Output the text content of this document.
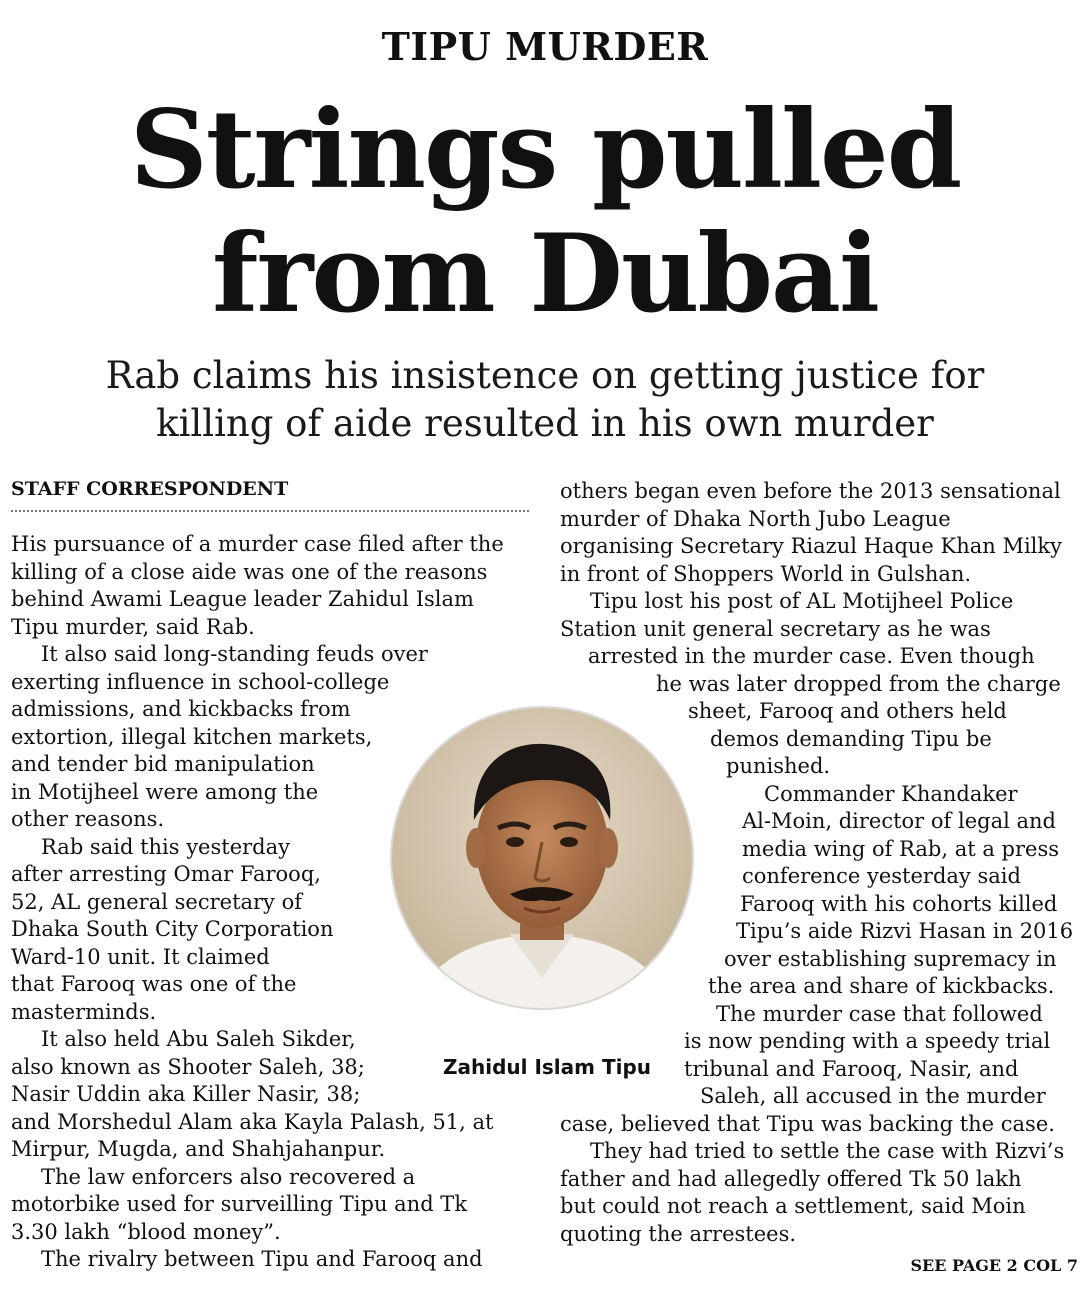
TIPU MURDER
Strings pulled
from Dubai
Rab claims his insistence on getting justice for
killing of aide resulted in his own murder
STAFF CORRESPONDENT
His pursuance of a murder case filed after the
killing of a close aide was one of the reasons
behind Awami League leader Zahidul Islam
Tipu murder, said Rab.
It also said long-standing feuds over
exerting influence in school-college
admissions, and kickbacks from
extortion, illegal kitchen markets,
and tender bid manipulation
in Motijheel were among the
other reasons.
Rab said this yesterday
after arresting Omar Farooq,
52, AL general secretary of
Dhaka South City Corporation
Ward-10 unit. It claimed
that Farooq was one of the
masterminds.
It also held Abu Saleh Sikder,
also known as Shooter Saleh, 38;
Nasir Uddin aka Killer Nasir, 38;
and Morshedul Alam aka Kayla Palash, 51, at
Mirpur, Mugda, and Shahjahanpur.
The law enforcers also recovered a
motorbike used for surveilling Tipu and Tk
3.30 lakh “blood money”.
The rivalry between Tipu and Farooq and
others began even before the 2013 sensational
murder of Dhaka North Jubo League
organising Secretary Riazul Haque Khan Milky
in front of Shoppers World in Gulshan.
Tipu lost his post of AL Motijheel Police
Station unit general secretary as he was
arrested in the murder case. Even though
he was later dropped from the charge
sheet, Farooq and others held
demos demanding Tipu be
punished.
Commander Khandaker
Al-Moin, director of legal and
media wing of Rab, at a press
conference yesterday said
Farooq with his cohorts killed
Tipu’s aide Rizvi Hasan in 2016
over establishing supremacy in
the area and share of kickbacks.
The murder case that followed
is now pending with a speedy trial
tribunal and Farooq, Nasir, and
Saleh, all accused in the murder
case, believed that Tipu was backing the case.
They had tried to settle the case with Rizvi’s
father and had allegedly offered Tk 50 lakh
but could not reach a settlement, said Moin
quoting the arrestees.
Zahidul Islam Tipu
SEE PAGE 2 COL 7
